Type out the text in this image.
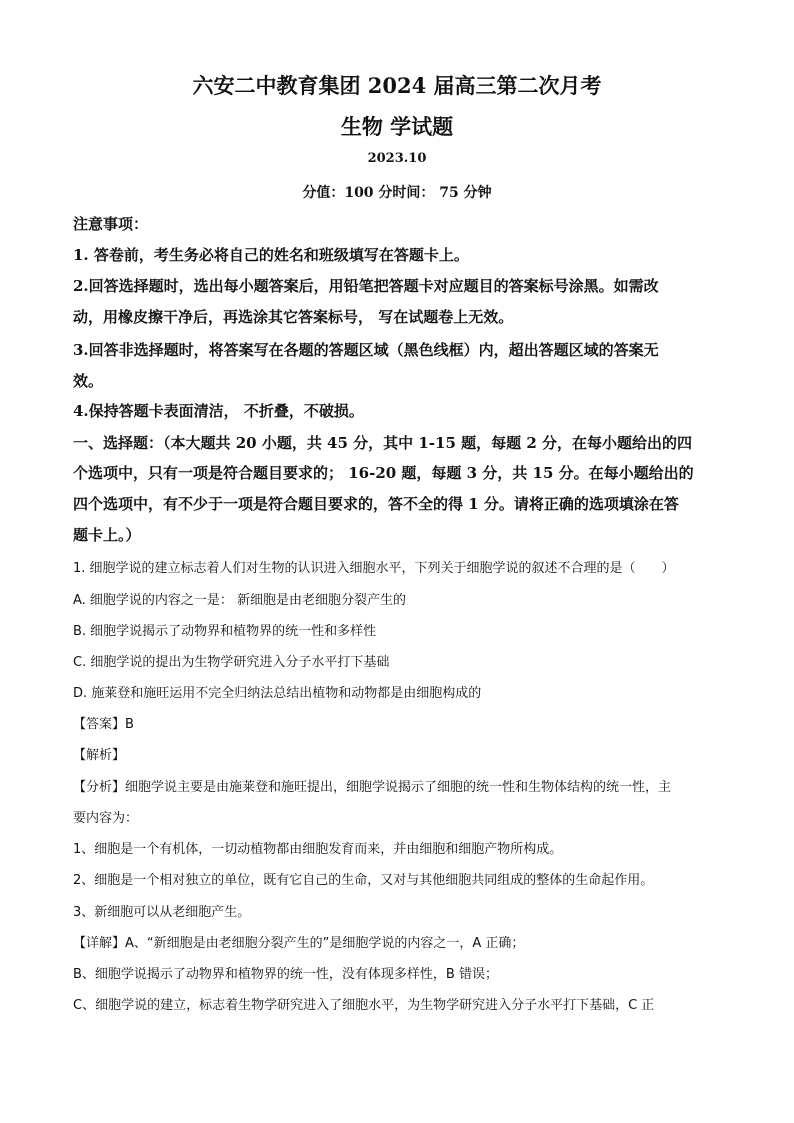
六安二中教育集团 2024 届高三第二次月考
生物 学试题
2023.10
分值：100 分时间： 75 分钟
注意事项：
1. 答卷前，考生务必将自己的姓名和班级填写在答题卡上。
2.回答选择题时，选出每小题答案后，用铅笔把答题卡对应题目的答案标号涂黑。如需改
动，用橡皮擦干净后，再选涂其它答案标号， 写在试题卷上无效。
3.回答非选择题时，将答案写在各题的答题区域（黑色线框）内，超出答题区域的答案无
效。
4.保持答题卡表面清洁， 不折叠，不破损。
一、选择题：（本大题共 20 小题，共 45 分，其中 1-15 题，每题 2 分，在每小题给出的四
个选项中，只有一项是符合题目要求的； 16-20 题，每题 3 分，共 15 分。在每小题给出的
四个选项中，有不少于一项是符合题目要求的，答不全的得 1 分。请将正确的选项填涂在答
题卡上。）
1. 细胞学说的建立标志着人们对生物的认识进入细胞水平，下列关于细胞学说的叙述不合理的是（　　）
A. 细胞学说的内容之一是： 新细胞是由老细胞分裂产生的
B. 细胞学说揭示了动物界和植物界的统一性和多样性
C. 细胞学说的提出为生物学研究进入分子水平打下基础
D. 施莱登和施旺运用不完全归纳法总结出植物和动物都是由细胞构成的
【答案】B
【解析】
【分析】细胞学说主要是由施莱登和施旺提出，细胞学说揭示了细胞的统一性和生物体结构的统一性，主
要内容为：
1、细胞是一个有机体，一切动植物都由细胞发育而来，并由细胞和细胞产物所构成。
2、细胞是一个相对独立的单位，既有它自己的生命，又对与其他细胞共同组成的整体的生命起作用。
3、新细胞可以从老细胞产生。
【详解】A、“新细胞是由老细胞分裂产生的”是细胞学说的内容之一，A 正确；
B、细胞学说揭示了动物界和植物界的统一性，没有体现多样性，B 错误；
C、细胞学说的建立，标志着生物学研究进入了细胞水平，为生物学研究进入分子水平打下基础，C 正
